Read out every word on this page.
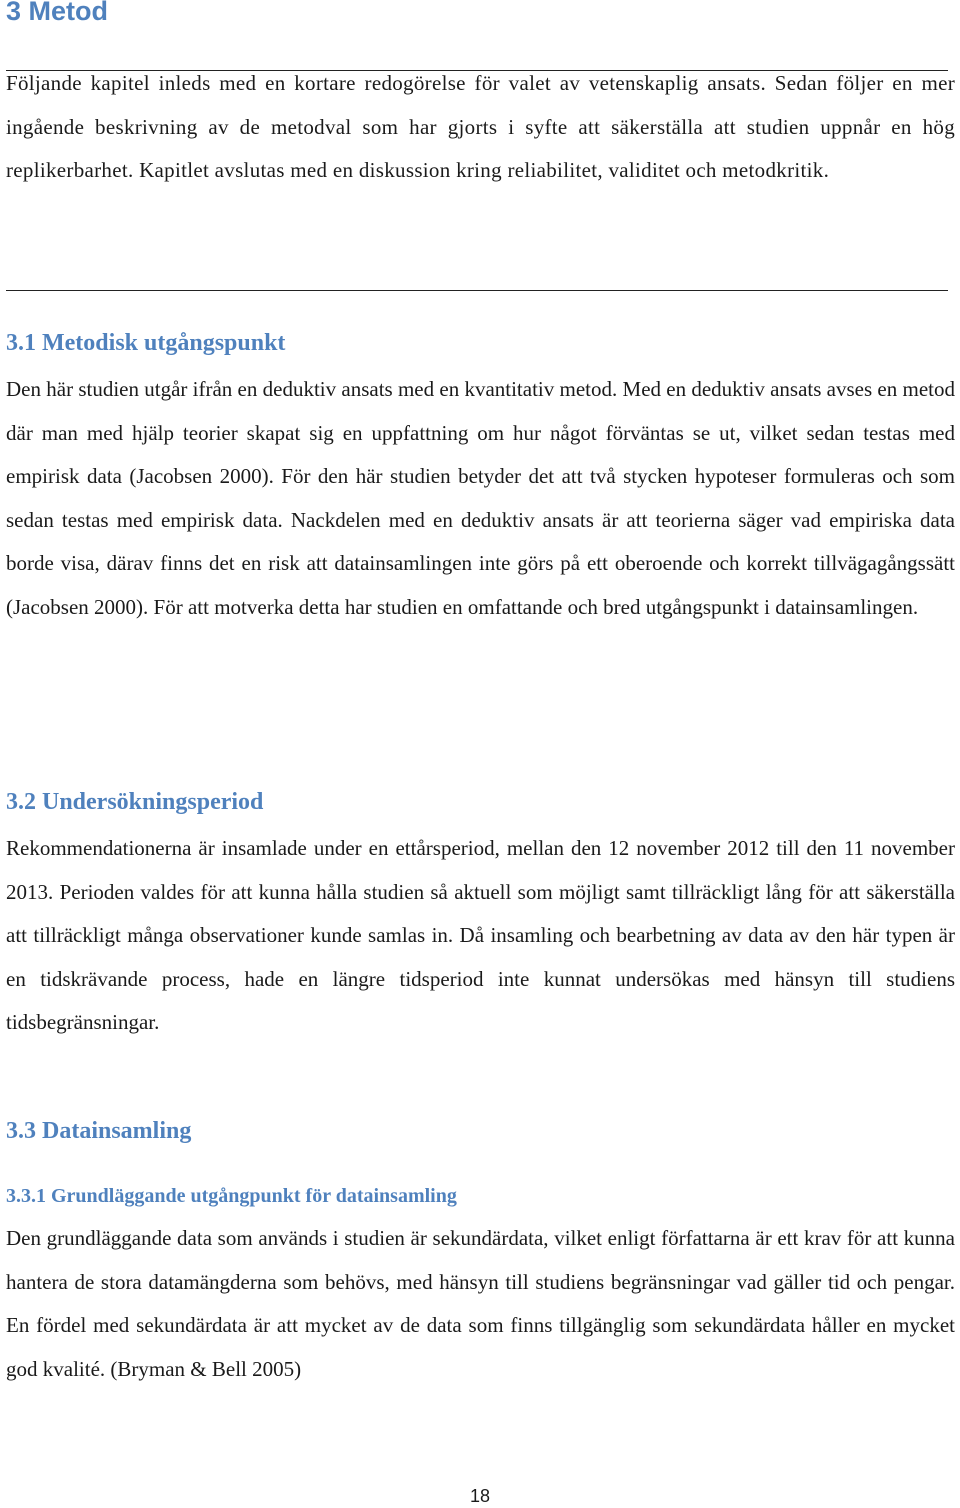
3 Metod

Följande kapitel inleds med en kortare redogörelse för valet av vetenskaplig ansats. Sedan följer en mer ingående beskrivning av de metodval som har gjorts i syfte att säkerställa att studien uppnår en hög replikerbarhet. Kapitlet avslutas med en diskussion kring reliabilitet, validitet och metodkritik.

3.1 Metodisk utgångspunkt

Den här studien utgår ifrån en deduktiv ansats med en kvantitativ metod. Med en deduktiv ansats avses en metod där man med hjälp teorier skapat sig en uppfattning om hur något förväntas se ut, vilket sedan testas med empirisk data (Jacobsen 2000). För den här studien betyder det att två stycken hypoteser formuleras och som sedan testas med empirisk data. Nackdelen med en deduktiv ansats är att teorierna säger vad empiriska data borde visa, därav finns det en risk att datainsamlingen inte görs på ett oberoende och korrekt tillvägagångssätt (Jacobsen 2000). För att motverka detta har studien en omfattande och bred utgångspunkt i datainsamlingen.

3.2 Undersökningsperiod

Rekommendationerna är insamlade under en ettårsperiod, mellan den 12 november 2012 till den 11 november 2013. Perioden valdes för att kunna hålla studien så aktuell som möjligt samt tillräckligt lång för att säkerställa att tillräckligt många observationer kunde samlas in. Då insamling och bearbetning av data av den här typen är en tidskrävande process, hade en längre tidsperiod inte kunnat undersökas med hänsyn till studiens tidsbegränsningar.

3.3 Datainsamling
3.3.1 Grundläggande utgångpunkt för datainsamling

Den grundläggande data som används i studien är sekundärdata, vilket enligt författarna är ett krav för att kunna hantera de stora datamängderna som behövs, med hänsyn till studiens begränsningar vad gäller tid och pengar. En fördel med sekundärdata är att mycket av de data som finns tillgänglig som sekundärdata håller en mycket god kvalité. (Bryman & Bell 2005)

18
